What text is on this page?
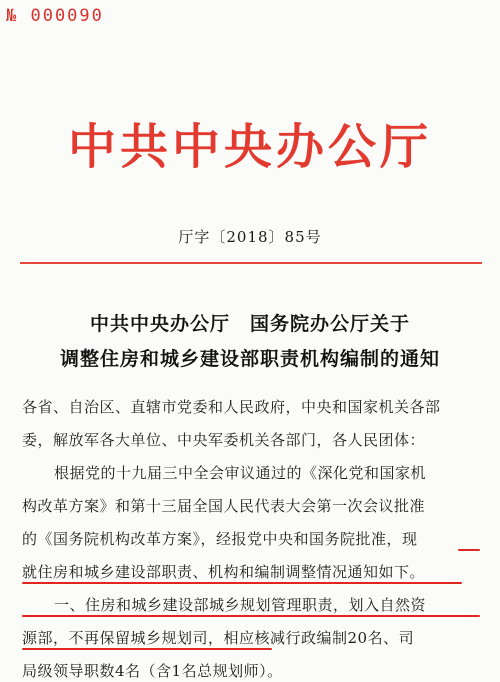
№ 000090
中共中央办公厅
厅字〔2018〕85号
中共中央办公厅　国务院办公厅关于
调整住房和城乡建设部职责机构编制的通知
各省、自治区、直辖市党委和人民政府，中央和国家机关各部
委，解放军各大单位、中央军委机关各部门，各人民团体：
根据党的十九届三中全会审议通过的《深化党和国家机
构改革方案》和第十三届全国人民代表大会第一次会议批准
的《国务院机构改革方案》，经报党中央和国务院批准，现
就住房和城乡建设部职责、机构和编制调整情况通知如下。
一、住房和城乡建设部城乡规划管理职责，划入自然资
源部，不再保留城乡规划司，相应核减行政编制20名、司
局级领导职数4名（含1名总规划师）。
